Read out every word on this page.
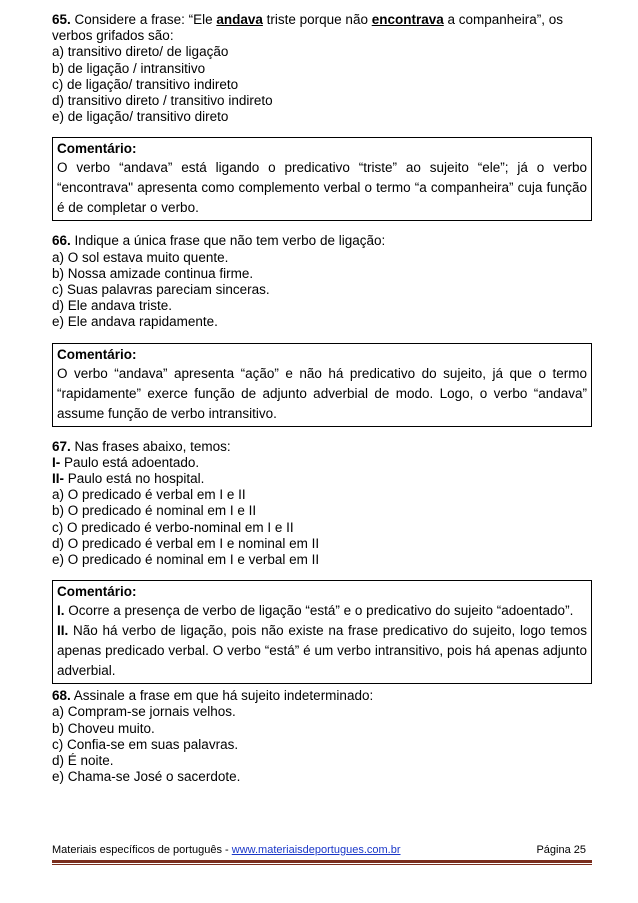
65. Considere a frase: “Ele andava triste porque não encontrava a companheira”, os

verbos grifados são:

a) transitivo direto/ de ligação

b) de ligação / intransitivo

c) de ligação/ transitivo indireto

d) transitivo direto / transitivo indireto

e) de ligação/ transitivo direto

Comentário:

O verbo “andava” está ligando o predicativo “triste” ao sujeito “ele”; já o verbo “encontrava" apresenta como complemento verbal o termo “a companheira” cuja função é de completar o verbo.

66. Indique a única frase que não tem verbo de ligação:

a) O sol estava muito quente.

b) Nossa amizade continua firme.

c) Suas palavras pareciam sinceras.

d) Ele andava triste.

e) Ele andava rapidamente.

Comentário:

O verbo “andava” apresenta “ação” e não há predicativo do sujeito, já que o termo “rapidamente” exerce função de adjunto adverbial de modo. Logo, o verbo “andava” assume função de verbo intransitivo.

67. Nas frases abaixo, temos:

I- Paulo está adoentado.

II- Paulo está no hospital.

a) O predicado é verbal em I e II

b) O predicado é nominal em I e II

c) O predicado é verbo-nominal em I e II

d) O predicado é verbal em I e nominal em II

e) O predicado é nominal em I e verbal em II

Comentário:

I. Ocorre a presença de verbo de ligação “está” e o predicativo do sujeito “adoentado”.

II. Não há verbo de ligação, pois não existe na frase predicativo do sujeito, logo temos apenas predicado verbal. O verbo “está” é um verbo intransitivo, pois há apenas adjunto adverbial.

68. Assinale a frase em que há sujeito indeterminado:

a) Compram-se jornais velhos.

b) Choveu muito.

c) Confia-se em suas palavras.

d) É noite.

e) Chama-se José o sacerdote.

Materiais específicos de português - www.materiaisdeportugues.com.br	Página 25
